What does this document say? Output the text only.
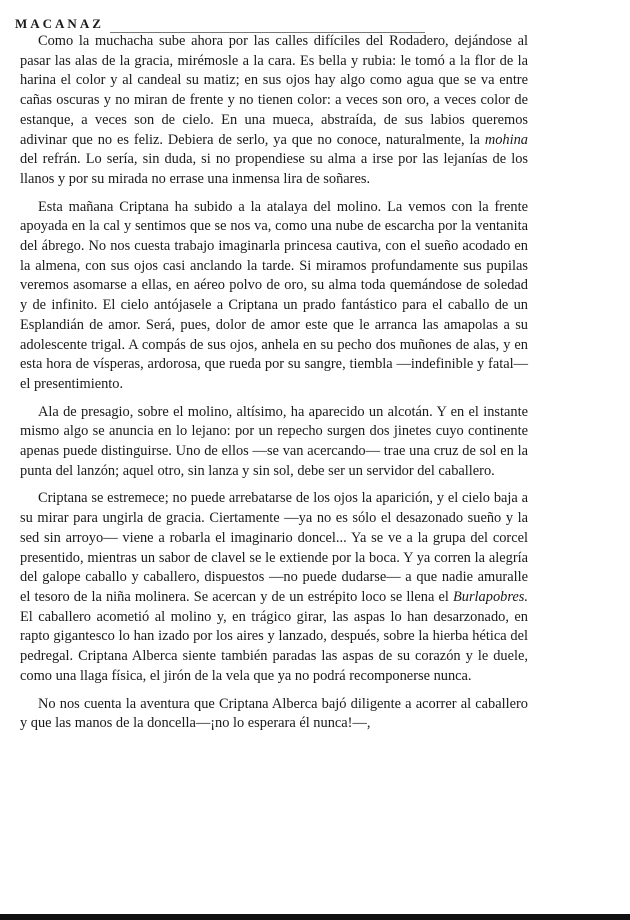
MACANAZ

Como la muchacha sube ahora por las calles difíciles del Rodadero, dejándose al pasar las alas de la gracia, mirémosle a la cara. Es bella y rubia: le tomó a la flor de la harina el color y al candeal su matiz; en sus ojos hay algo como agua que se va entre cañas oscuras y no miran de frente y no tienen color: a veces son oro, a veces color de estanque, a veces son de cielo. En una mueca, abstraída, de sus labios queremos adivinar que no es feliz. Debiera de serlo, ya que no conoce, naturalmente, la mohina del refrán. Lo sería, sin duda, si no propendiese su alma a irse por las lejanías de los llanos y por su mirada no errase una inmensa lira de soñares.

Esta mañana Criptana ha subido a la atalaya del molino. La vemos con la frente apoyada en la cal y sentimos que se nos va, como una nube de escarcha por la ventanita del ábrego. No nos cuesta trabajo imaginarla princesa cautiva, con el sueño acodado en la almena, con sus ojos casi anclando la tarde. Si miramos profundamente sus pupilas veremos asomarse a ellas, en aéreo polvo de oro, su alma toda quemándose de soledad y de infinito. El cielo antójasele a Criptana un prado fantástico para el caballo de un Esplandián de amor. Será, pues, dolor de amor este que le arranca las amapolas a su adolescente trigal. A compás de sus ojos, anhela en su pecho dos muñones de alas, y en esta hora de vísperas, ardorosa, que rueda por su sangre, tiembla —indefinible y fatal— el presentimiento.

Ala de presagio, sobre el molino, altísimo, ha aparecido un alcotán. Y en el instante mismo algo se anuncia en lo lejano: por un repecho surgen dos jinetes cuyo continente apenas puede distinguirse. Uno de ellos —se van acercando— trae una cruz de sol en la punta del lanzón; aquel otro, sin lanza y sin sol, debe ser un servidor del caballero.

Criptana se estremece; no puede arrebatarse de los ojos la aparición, y el cielo baja a su mirar para ungirla de gracia. Ciertamente —ya no es sólo el desazonado sueño y la sed sin arroyo— viene a robarla el imaginario doncel... Ya se ve a la grupa del corcel presentido, mientras un sabor de clavel se le extiende por la boca. Y ya corren la alegría del galope caballo y caballero, dispuestos —no puede dudarse— a que nadie amuralle el tesoro de la niña molinera. Se acercan y de un estrépito loco se llena el Burlapobres. El caballero acometió al molino y, en trágico girar, las aspas lo han desarzonado, en rapto gigantesco lo han izado por los aires y lanzado, después, sobre la hierba hética del pedregal. Criptana Alberca siente también paradas las aspas de su corazón y le duele, como una llaga física, el jirón de la vela que ya no podrá recomponerse nunca.

No nos cuenta la aventura que Criptana Alberca bajó diligente a acorrer al caballero y que las manos de la doncella—¡no lo esperara él nunca!—,
